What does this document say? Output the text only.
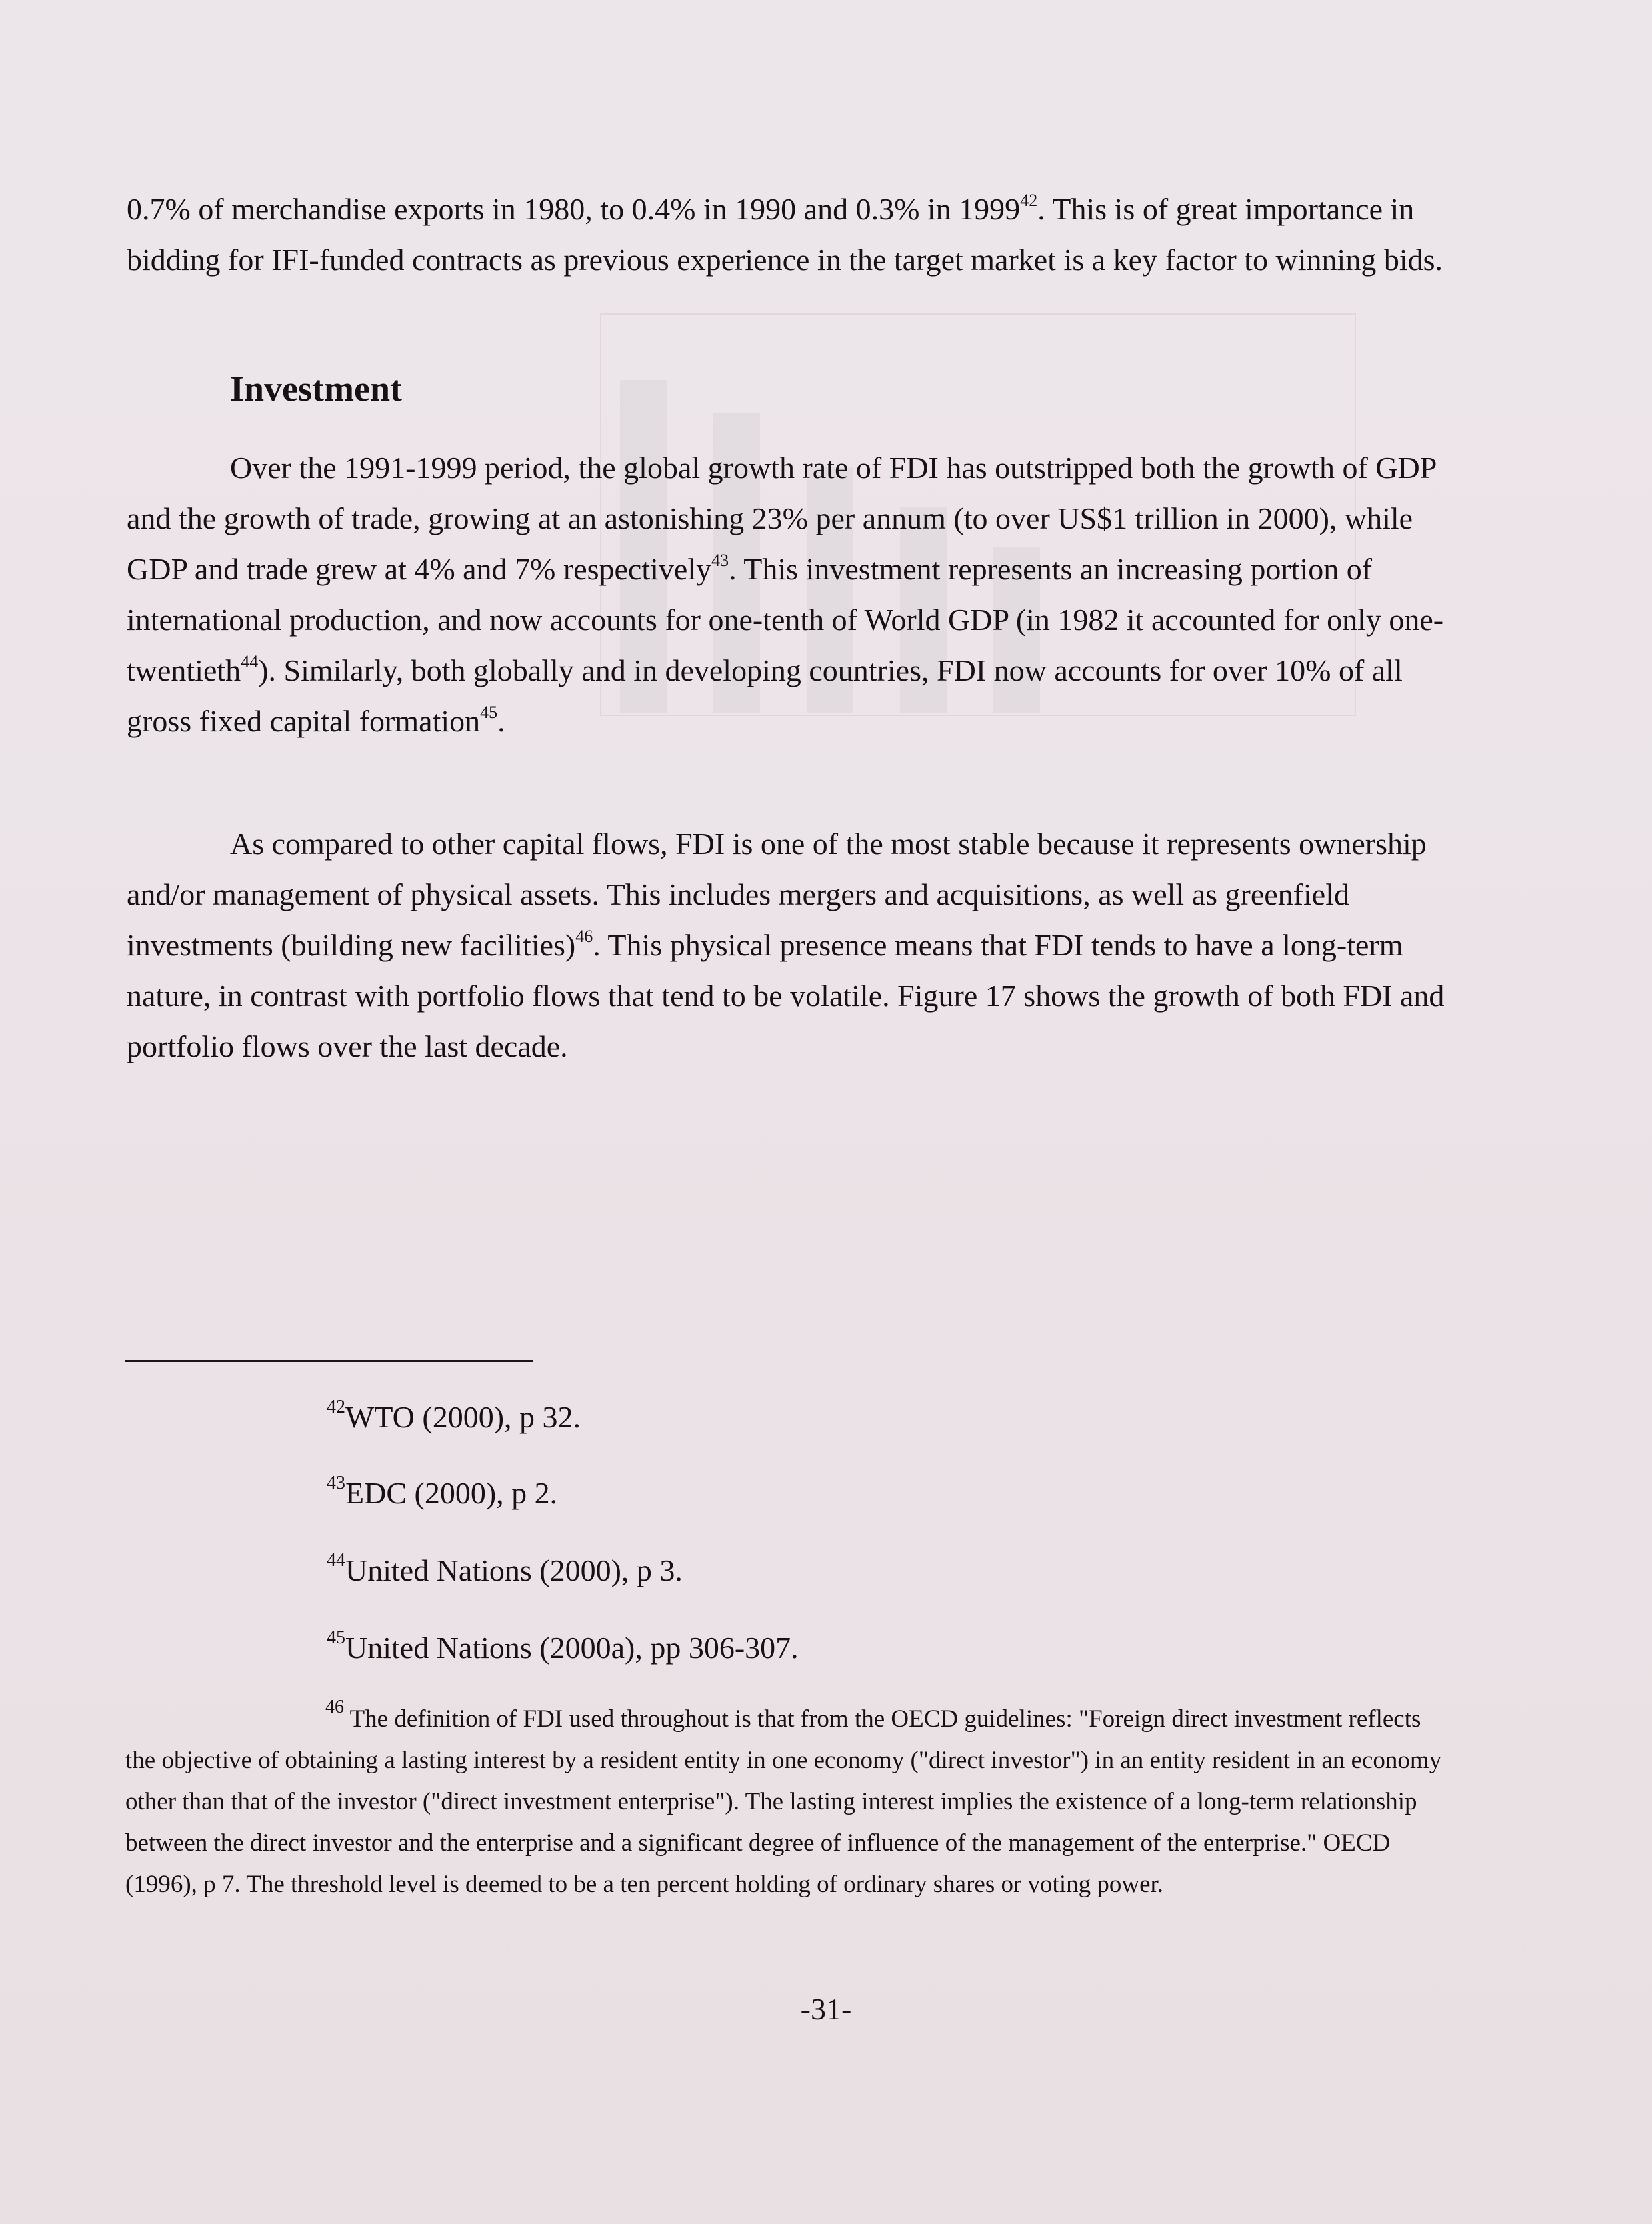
0.7% of merchandise exports in 1980, to 0.4% in 1990 and 0.3% in 1999$^{42}$. This is of great importance in bidding for IFI-funded contracts as previous experience in the target market is a key factor to winning bids.

Investment

Over the 1991-1999 period, the global growth rate of FDI has outstripped both the growth of GDP and the growth of trade, growing at an astonishing 23% per annum (to over US$1 trillion in 2000), while GDP and trade grew at 4% and 7% respectively$^{43}$. This investment represents an increasing portion of international production, and now accounts for one-tenth of World GDP (in 1982 it accounted for only one-twentieth$^{44}$). Similarly, both globally and in developing countries, FDI now accounts for over 10% of all gross fixed capital formation$^{45}$.

As compared to other capital flows, FDI is one of the most stable because it represents ownership and/or management of physical assets. This includes mergers and acquisitions, as well as greenfield investments (building new facilities)$^{46}$. This physical presence means that FDI tends to have a long-term nature, in contrast with portfolio flows that tend to be volatile. Figure 17 shows the growth of both FDI and portfolio flows over the last decade.

$^{42}$WTO (2000), p 32.

$^{43}$EDC (2000), p 2.

$^{44}$United Nations (2000), p 3.

$^{45}$United Nations (2000a), pp 306-307.

$^{46}$ The definition of FDI used throughout is that from the OECD guidelines: "Foreign direct investment reflects the objective of obtaining a lasting interest by a resident entity in one economy ("direct investor") in an entity resident in an economy other than that of the investor ("direct investment enterprise"). The lasting interest implies the existence of a long-term relationship between the direct investor and the enterprise and a significant degree of influence of the management of the enterprise." OECD (1996), p 7. The threshold level is deemed to be a ten percent holding of ordinary shares or voting power.

-31-
